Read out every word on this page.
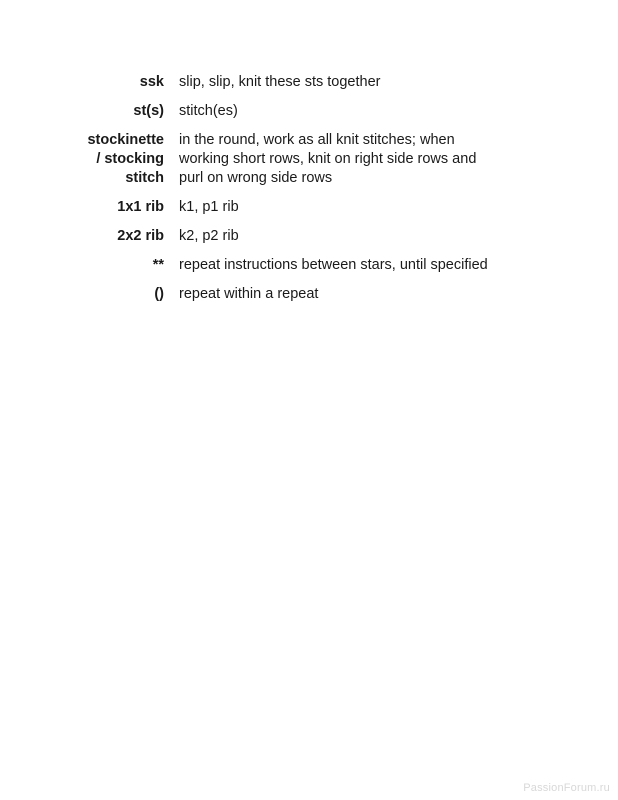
ssk slip, slip, knit these sts together
st(s) stitch(es)
stockinette
/ stocking
stitch
in the round, work as all knit stitches; when
working short rows, knit on right side rows and
purl on wrong side rows
1x1 rib k1, p1 rib
2x2 rib k2, p2 rib
** repeat instructions between stars, until specified
() repeat within a repeat
PassionForum.ru
